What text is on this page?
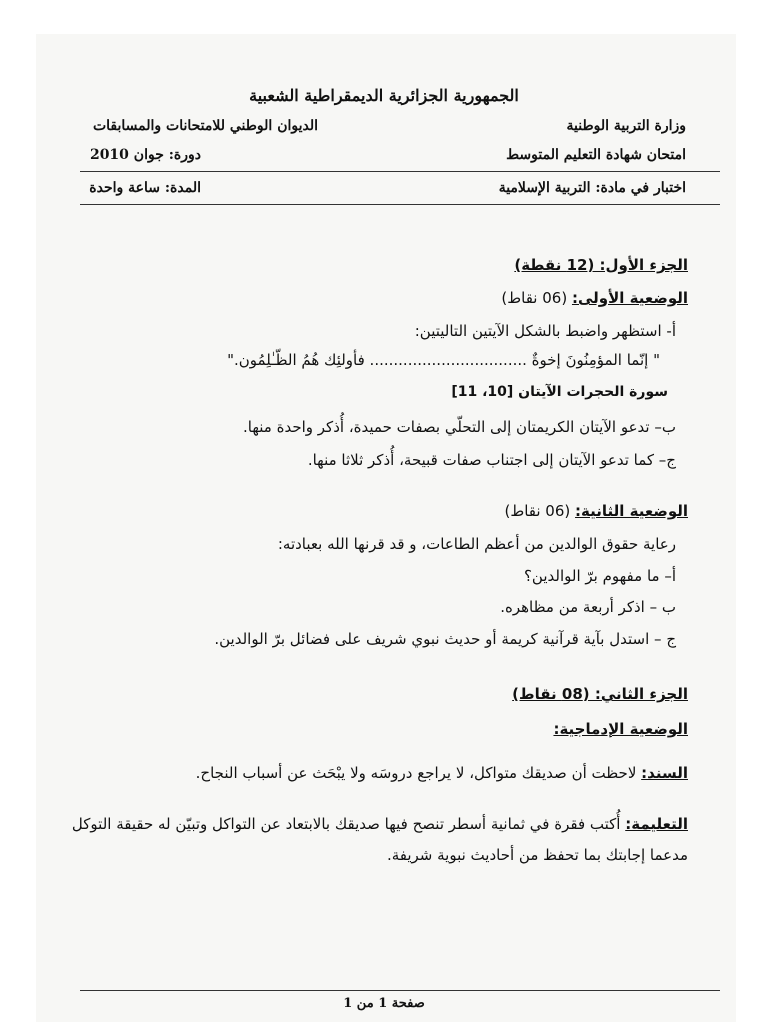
الجمهورية الجزائرية الديمقراطية الشعبية
وزارة التربية الوطنية
الديوان الوطني للامتحانات والمسابقات
امتحان شهادة التعليم المتوسط
دورة: جوان 2010
اختبار في مادة: التربية الإسلامية
المدة: ساعة واحدة
الجزء الأول: (12 نقطة)
الوضعية الأولى: (06 نقاط)
أ- استظهر واضبط بالشكل الآيتين التاليتين:
" إنّما المؤمِنُونَ إخوةٌ ................................. فأولئِك هُمُ الظّـٰلِمُون."
سورة الحجرات الآيتان [10، 11]
ب– تدعو الآيتان الكريمتان إلى التحلّي بصفات حميدة، أُذكر واحدة منها.
ج– كما تدعو الآيتان إلى اجتناب صفات قبيحة، أُذكر ثلاثا منها.
الوضعية الثانية: (06 نقاط)
رعاية حقوق الوالدين من أعظم الطاعات، و قد قرنها الله بعبادته:
أ– ما مفهوم برّ الوالدين؟
ب – اذكر أربعة من مظاهره.
ج – استدل بآية قرآنية كريمة أو حديث نبوي شريف على فضائل برّ الوالدين.
الجزء الثاني: (08 نقاط)
الوضعية الإدماجية:
السند: لاحظت أن صديقك متواكل، لا يراجع دروسَه ولا يبْحَث عن أسباب النجاح.
التعليمة: أُكتب فقرة في ثمانية أسطر تنصح فيها صديقك بالابتعاد عن التواكل وتبيّن له حقيقة التوكل
مدعما إجابتك بما تحفظ من أحاديث نبوية شريفة.
صفحة 1 من 1
